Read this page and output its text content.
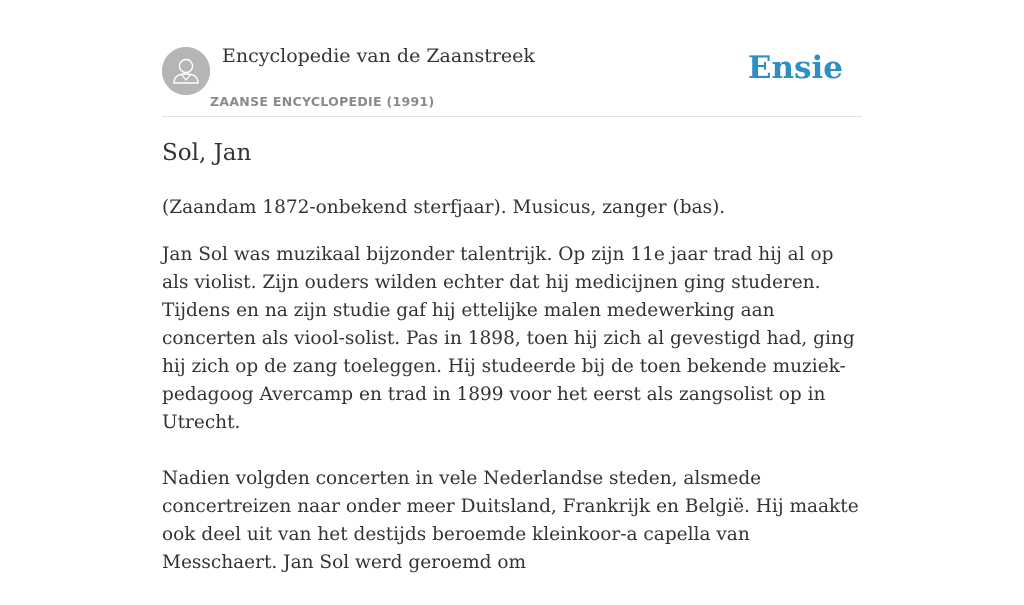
Encyclopedie van de Zaanstreek
ZAANSE ENCYCLOPEDIE (1991)
Ensie
Sol, Jan

(Zaandam 1872-onbekend sterfjaar). Musicus, zanger (bas).

Jan Sol was muzikaal bijzonder talentrijk. Op zijn 11e jaar trad hij al op als violist. Zijn ouders wilden echter dat hij medicijnen ging studeren. Tijdens en na zijn studie gaf hij ettelijke malen medewerking aan concerten als viool-solist. Pas in 1898, toen hij zich al gevestigd had, ging hij zich op de zang toeleggen. Hij studeerde bij de toen bekende muziek-pedagoog Avercamp en trad in 1899 voor het eerst als zangsolist op in Utrecht.

Nadien volgden concerten in vele Nederlandse steden, alsmede concertreizen naar onder meer Duitsland, Frankrijk en België. Hij maakte ook deel uit van het destijds beroemde kleinkoor-a capella van Messchaert. Jan Sol werd geroemd om
